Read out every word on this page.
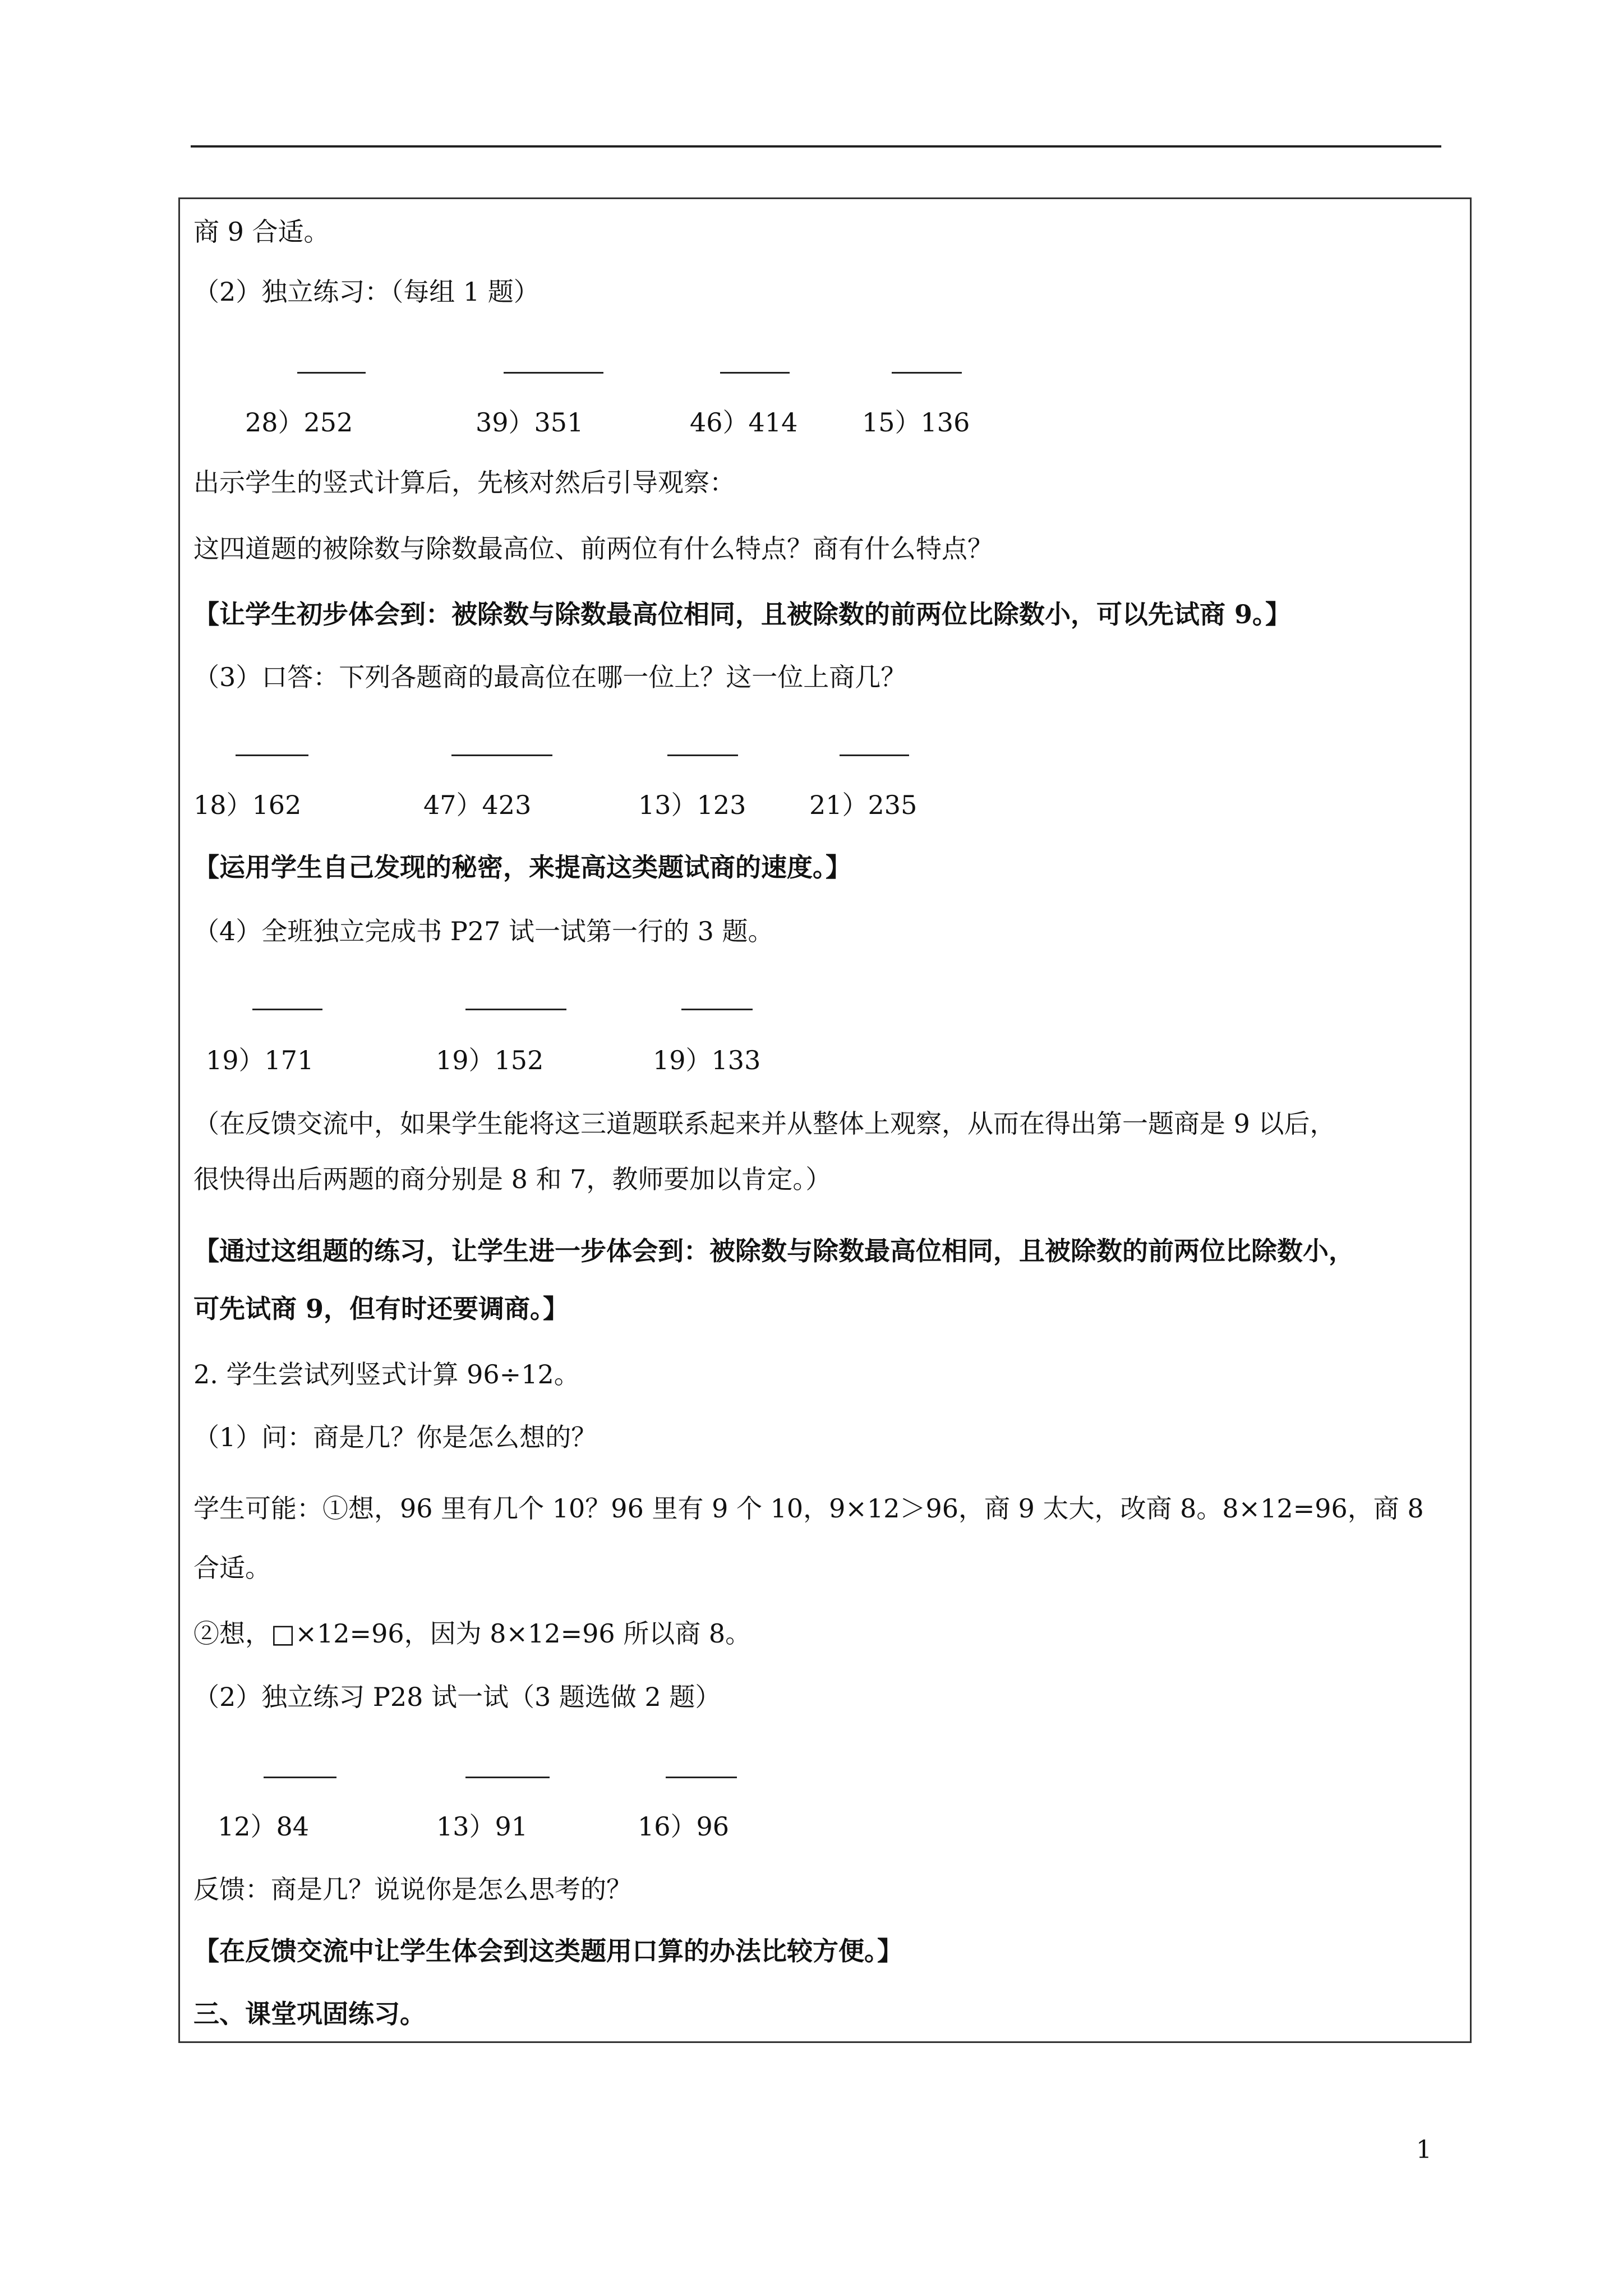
商 9 合适。
（2）独立练习：（每组 1 题）
28）252	39）351	46）414 15）136
出示学生的竖式计算后，先核对然后引导观察：
这四道题的被除数与除数最高位、前两位有什么特点？商有什么特点？
【让学生初步体会到：被除数与除数最高位相同，且被除数的前两位比除数小，可以先试商 9。】
（3）口答：下列各题商的最高位在哪一位上？这一位上商几？
18）162	47）423	13）123 21）235
【运用学生自己发现的秘密，来提高这类题试商的速度。】
（4）全班独立完成书 P27 试一试第一行的 3 题。
19）171	19）152	19）133
（在反馈交流中，如果学生能将这三道题联系起来并从整体上观察，从而在得出第一题商是 9 以后，
很快得出后两题的商分别是 8 和 7，教师要加以肯定。）
【通过这组题的练习，让学生进一步体会到：被除数与除数最高位相同，且被除数的前两位比除数小，
可先试商 9，但有时还要调商。】
2. 学生尝试列竖式计算 96÷12。
（1）问：商是几？你是怎么想的？
学生可能：①想，96 里有几个 10？96 里有 9 个 10，9×12＞96，商 9 太大，改商 8。8×12=96，商 8
合适。
②想，□×12=96，因为 8×12=96 所以商 8。
（2）独立练习 P28 试一试（3 题选做 2 题）
12）84	13）91	16）96
反馈：商是几？说说你是怎么思考的？
【在反馈交流中让学生体会到这类题用口算的办法比较方便。】
三、课堂巩固练习。
1
